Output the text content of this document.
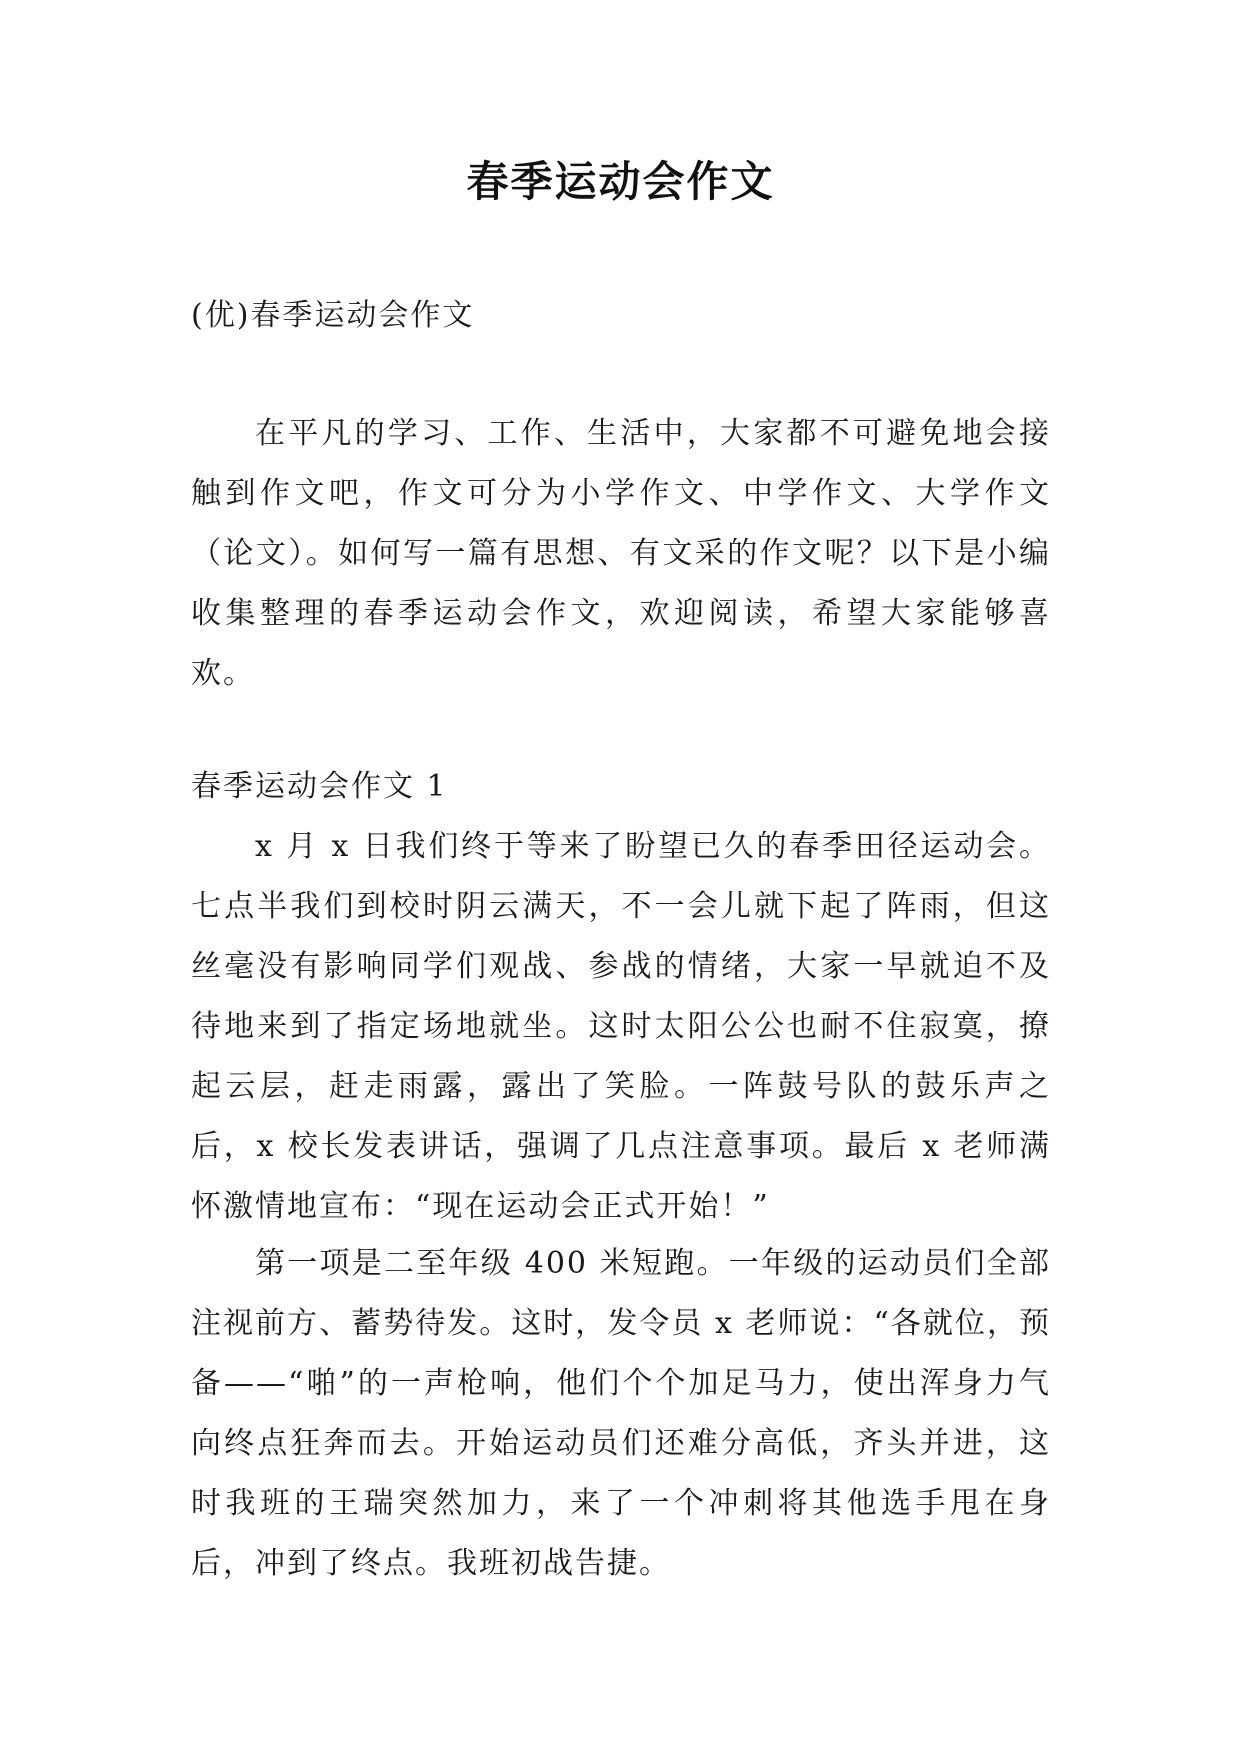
春季运动会作文

(优)春季运动会作文

在平凡的学习、工作、生活中，大家都不可避免地会接触到作文吧，作文可分为小学作文、中学作文、大学作文（论文）。如何写一篇有思想、有文采的作文呢？以下是小编收集整理的春季运动会作文，欢迎阅读，希望大家能够喜欢。

春季运动会作文 1

x 月 x 日我们终于等来了盼望已久的春季田径运动会。七点半我们到校时阴云满天，不一会儿就下起了阵雨，但这丝毫没有影响同学们观战、参战的情绪，大家一早就迫不及待地来到了指定场地就坐。这时太阳公公也耐不住寂寞，撩起云层，赶走雨露，露出了笑脸。一阵鼓号队的鼓乐声之后，x 校长发表讲话，强调了几点注意事项。最后 x 老师满怀激情地宣布：“现在运动会正式开始！”

第一项是二至年级 400 米短跑。一年级的运动员们全部注视前方、蓄势待发。这时，发令员 x 老师说：“各就位，预备——“啪”的一声枪响，他们个个加足马力，使出浑身力气向终点狂奔而去。开始运动员们还难分高低，齐头并进，这时我班的王瑞突然加力，来了一个冲刺将其他选手甩在身后，冲到了终点。我班初战告捷。
